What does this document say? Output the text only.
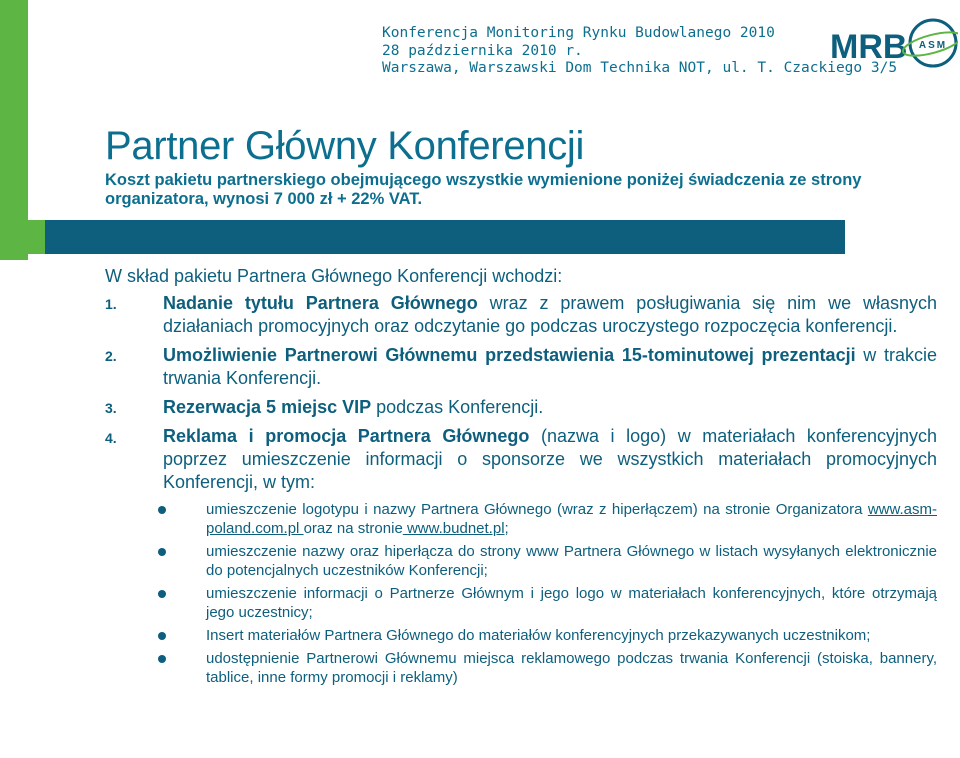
Konferencja Monitoring Rynku Budowlanego 2010
28 października 2010 r.
Warszawa, Warszawski Dom Technika NOT, ul. T. Czackiego 3/5
MRB ASM
Partner Główny Konferencji
Koszt pakietu partnerskiego obejmującego wszystkie wymienione poniżej świadczenia ze strony organizatora, wynosi 7 000 zł + 22% VAT.
W skład pakietu Partnera Głównego Konferencji wchodzi:
1.	Nadanie tytułu Partnera Głównego wraz z prawem posługiwania się nim we własnych działaniach promocyjnych oraz odczytanie go podczas uroczystego rozpoczęcia konferencji.
2.	Umożliwienie Partnerowi Głównemu przedstawienia 15-tominutowej prezentacji w trakcie trwania Konferencji.
3.	Rezerwacja 5 miejsc VIP podczas Konferencji.
4.	Reklama i promocja Partnera Głównego (nazwa i logo) w materiałach konferencyjnych poprzez umieszczenie informacji o sponsorze we wszystkich materiałach promocyjnych Konferencji, w tym:
umieszczenie logotypu i nazwy Partnera Głównego (wraz z hiperłączem) na stronie Organizatora www.asm-poland.com.pl oraz na stronie www.budnet.pl;
umieszczenie nazwy oraz hiperłącza do strony www Partnera Głównego w listach wysyłanych elektronicznie do potencjalnych uczestników Konferencji;
umieszczenie informacji o Partnerze Głównym i jego logo w materiałach konferencyjnych, które otrzymają jego uczestnicy;
Insert materiałów Partnera Głównego do materiałów konferencyjnych przekazywanych uczestnikom;
udostępnienie Partnerowi Głównemu miejsca reklamowego podczas trwania Konferencji (stoiska, bannery, tablice, inne formy promocji i reklamy)
